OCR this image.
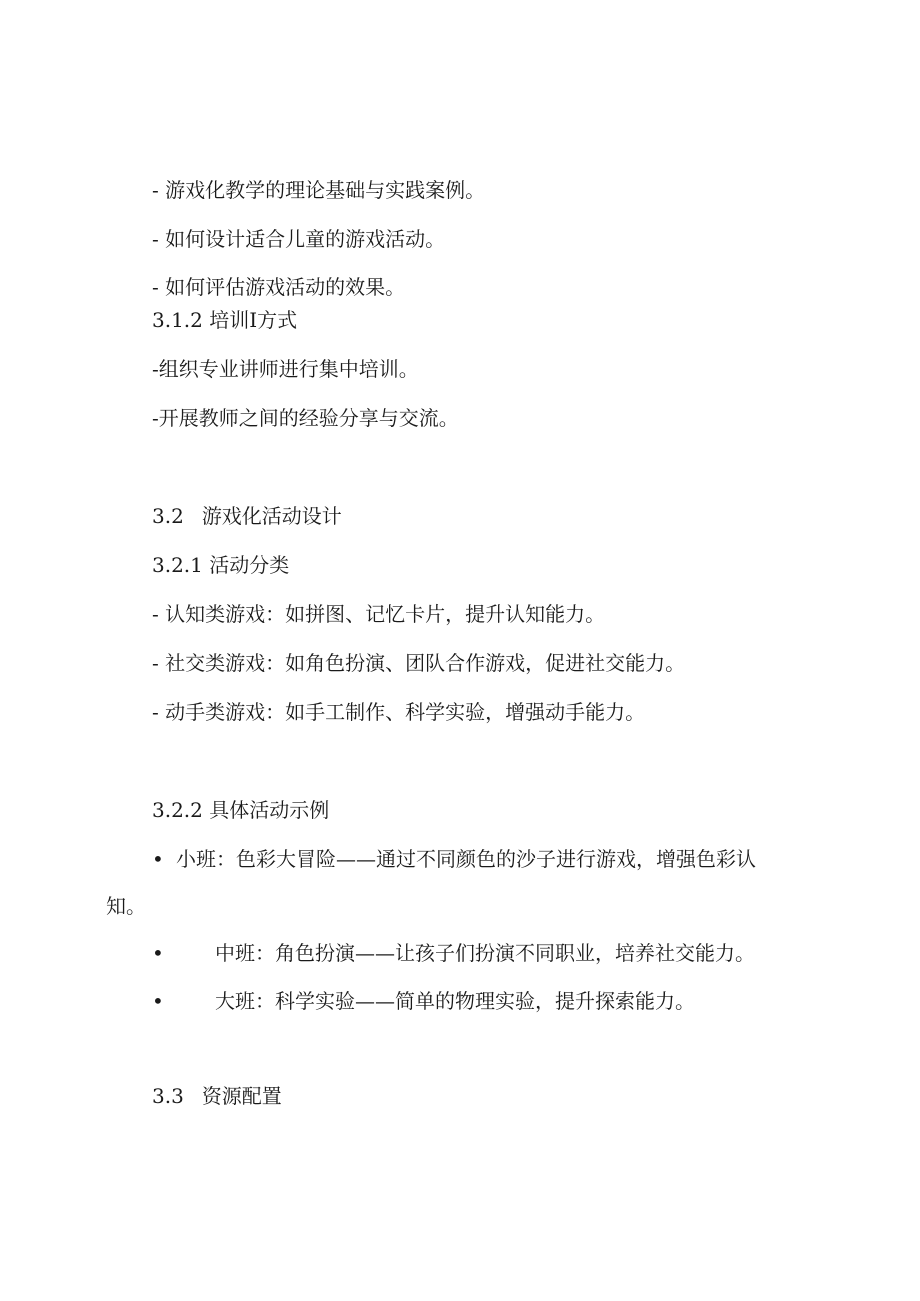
- 游戏化教学的理论基础与实践案例。

- 如何设计适合儿童的游戏活动。

- 如何评估游戏活动的效果。

3.1.2 培训I方式

-组织专业讲师进行集中培训。

-开展教师之间的经验分享与交流。

3.2 游戏化活动设计

3.2.1 活动分类

- 认知类游戏：如拼图、记忆卡片，提升认知能力。

- 社交类游戏：如角色扮演、团队合作游戏，促进社交能力。

- 动手类游戏：如手工制作、科学实验，增强动手能力。

3.2.2 具体活动示例

• 小班：色彩大冒险——通过不同颜色的沙子进行游戏，增强色彩认

知。

•	中班：角色扮演——让孩子们扮演不同职业，培养社交能力。

•	大班：科学实验——简单的物理实验，提升探索能力。

3.3 资源配置
